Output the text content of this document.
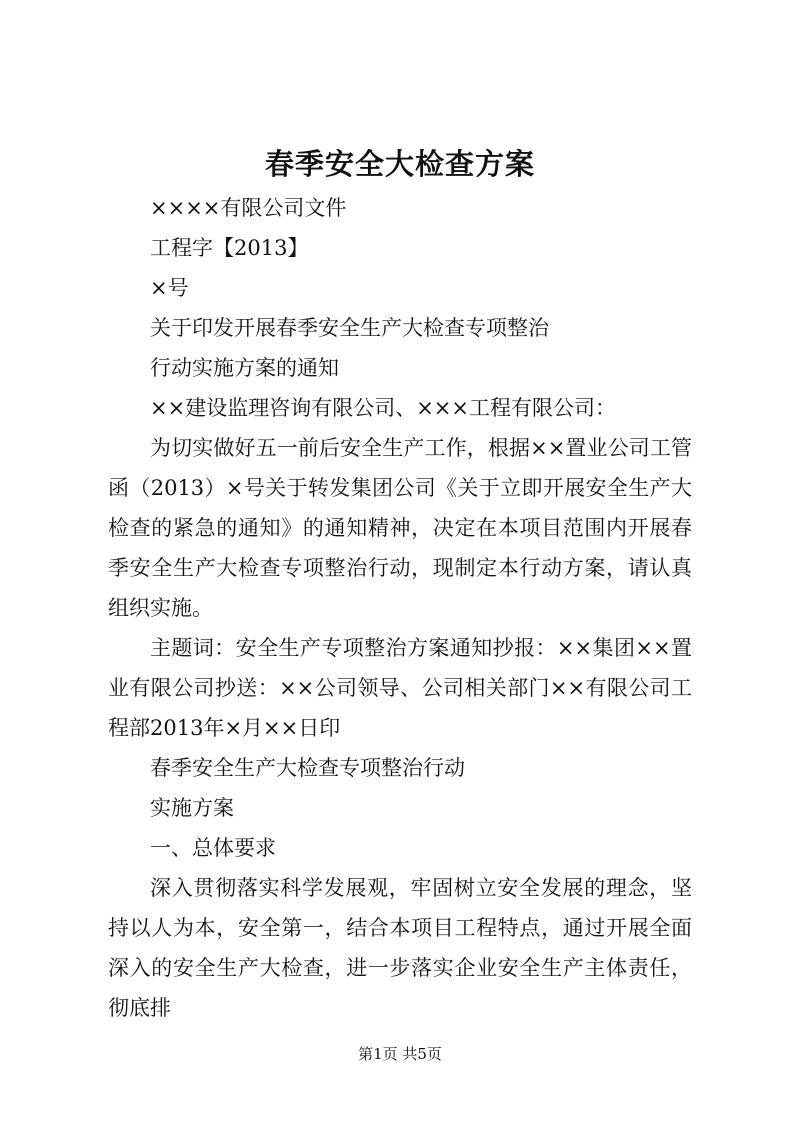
春季安全大检查方案

××××有限公司文件

工程字【2013】

×号

关于印发开展春季安全生产大检查专项整治

行动实施方案的通知

××建设监理咨询有限公司、×××工程有限公司：

为切实做好五一前后安全生产工作，根据××置业公司工管函（2013）×号关于转发集团公司《关于立即开展安全生产大检查的紧急的通知》的通知精神，决定在本项目范围内开展春季安全生产大检查专项整治行动，现制定本行动方案，请认真组织实施。

主题词：安全生产专项整治方案通知抄报：××集团××置业有限公司抄送：××公司领导、公司相关部门××有限公司工程部2013年×月××日印

春季安全生产大检查专项整治行动

实施方案

一、总体要求

深入贯彻落实科学发展观，牢固树立安全发展的理念，坚持以人为本，安全第一，结合本项目工程特点，通过开展全面深入的安全生产大检查，进一步落实企业安全生产主体责任，彻底排

第1页 共5页
